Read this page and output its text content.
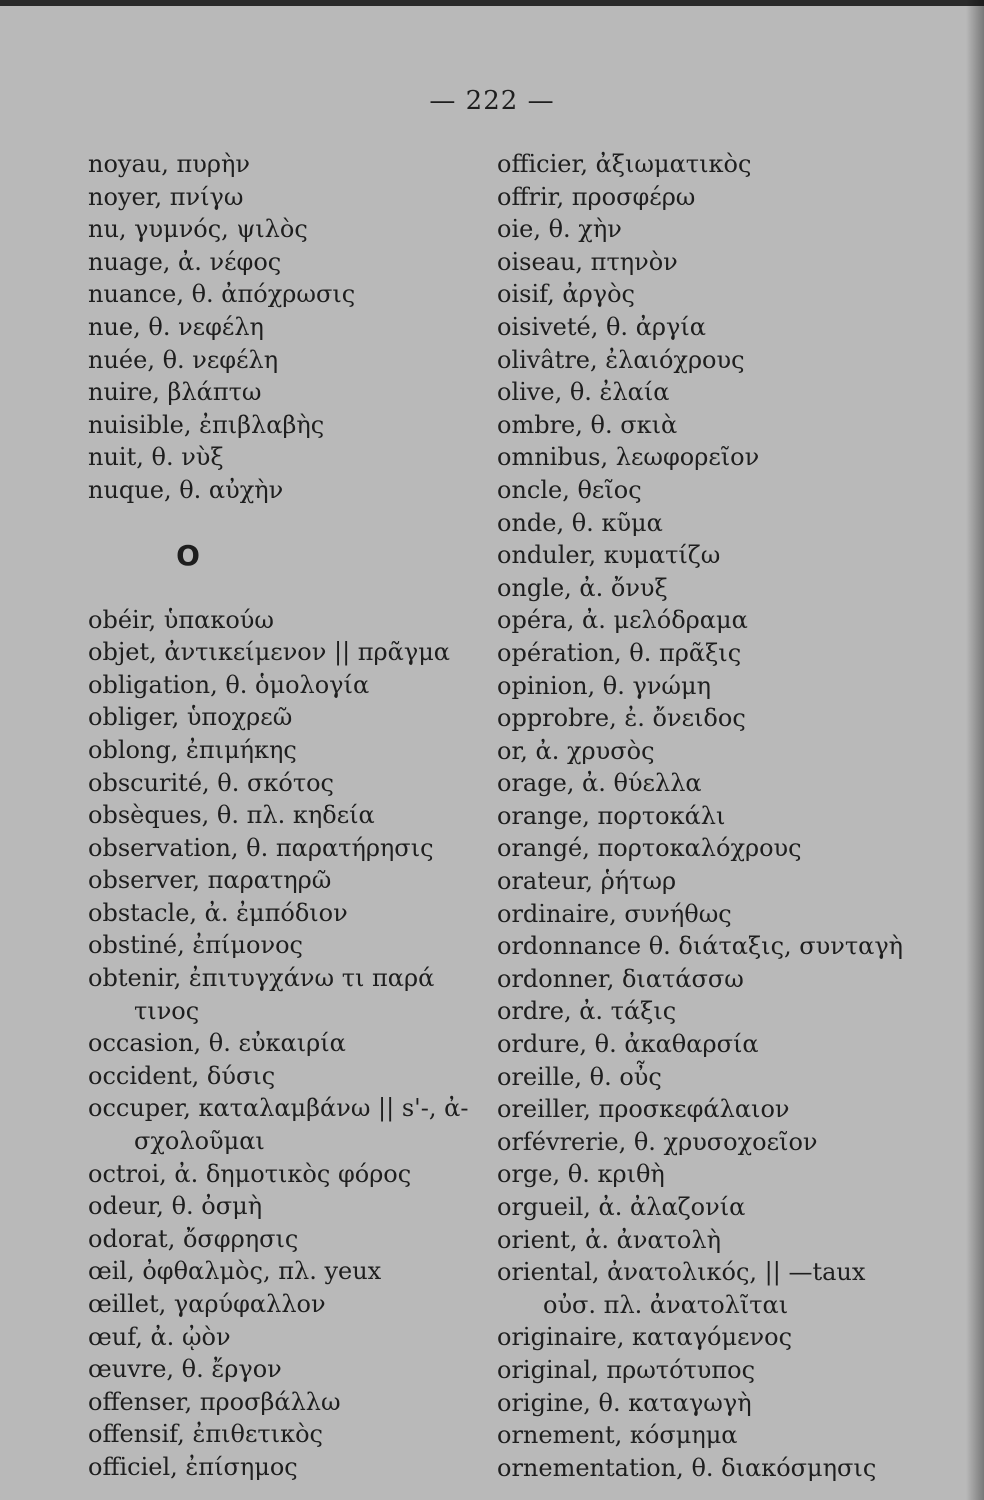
— 222 —
noyau, πυρὴν
noyer, πνίγω
nu, γυμνός, ψιλὸς
nuage, ἀ. νέφος
nuance, θ. ἀπόχρωσις
nue, θ. νεφέλη
nuée, θ. νεφέλη
nuire, βλάπτω
nuisible, ἐπιβλαβὴς
nuit, θ. νὺξ
nuque, θ. αὐχὴν
O
obéir, ὑπακούω
objet, ἀντικείμενον || πρᾶγμα
obligation, θ. ὁμολογία
obliger, ὑποχρεῶ
oblong, ἐπιμήκης
obscurité, θ. σκότος
obsèques, θ. πλ. κηδεία
observation, θ. παρατήρησις
observer, παρατηρῶ
obstacle, ἀ. ἐμπόδιον
obstiné, ἐπίμονος
obtenir, ἐπιτυγχάνω τι παρά
τινος
occasion, θ. εὐκαιρία
occident, δύσις
occuper, καταλαμβάνω || s'-, ἀ-
σχολοῦμαι
octroi, ἀ. δημοτικὸς φόρος
odeur, θ. ὀσμὴ
odorat, ὄσφρησις
œil, ὀφθαλμὸς, πλ. yeux
œillet, γαρύφαλλον
œuf, ἀ. ᾠὸν
œuvre, θ. ἔργον
offenser, προσβάλλω
offensif, ἐπιθετικὸς
officiel, ἐπίσημος
officier, ἀξιωματικὸς
offrir, προσφέρω
oie, θ. χὴν
oiseau, πτηνὸν
oisif, ἀργὸς
oisiveté, θ. ἀργία
olivâtre, ἐλαιόχρους
olive, θ. ἐλαία
ombre, θ. σκιὰ
omnibus, λεωφορεῖον
oncle, θεῖος
onde, θ. κῦμα
onduler, κυματίζω
ongle, ἀ. ὄνυξ
opéra, ἀ. μελόδραμα
opération, θ. πρᾶξις
opinion, θ. γνώμη
opprobre, ἐ. ὄνειδος
or, ἀ. χρυσὸς
orage, ἀ. θύελλα
orange, πορτοκάλι
orangé, πορτοκαλόχρους
orateur, ῥήτωρ
ordinaire, συνήθως
ordonnance θ. διάταξις, συνταγὴ
ordonner, διατάσσω
ordre, ἀ. τάξις
ordure, θ. ἀκαθαρσία
oreille, θ. οὖς
oreiller, προσκεφάλαιον
orfévrerie, θ. χρυσοχοεῖον
orge, θ. κριθὴ
orgueil, ἀ. ἀλαζονία
orient, ἀ. ἀνατολὴ
oriental, ἀνατολικός, || —taux
οὐσ. πλ. ἀνατολῖται
originaire, καταγόμενος
original, πρωτότυπος
origine, θ. καταγωγὴ
ornement, κόσμημα
ornementation, θ. διακόσμησις
